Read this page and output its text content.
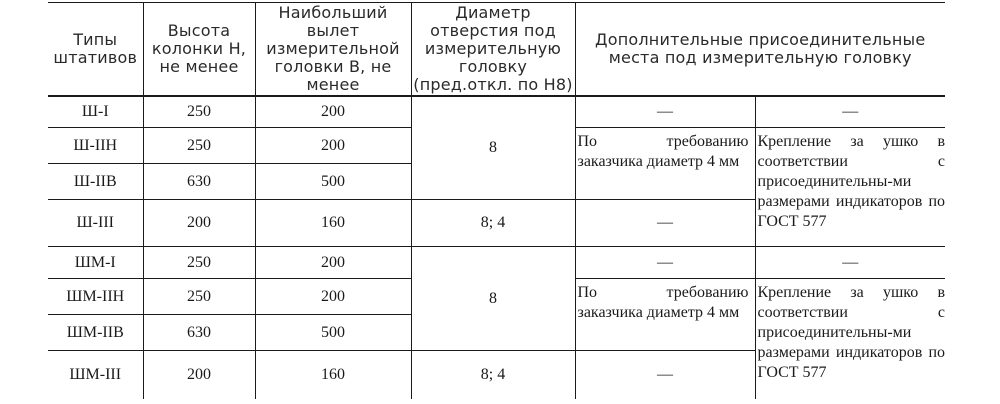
Типы штативов	Высота колонки H, не менее	Наибольший вылет измерительной головки B, не менее	Диаметр отверстия под измерительную головку (пред.откл. по H8)	Дополнительные присоединительные места под измерительную головку	
Ш-I	250	200	8	—	—
Ш-IIН	250	200		По требованию заказчика диаметр 4 мм	Крепление за ушко в соответствии с присоединительны-ми размерами индикаторов по ГОСТ 577
Ш-IIВ	630	500			
Ш-III	200	160	8; 4	—	
ШМ-I	250	200	8	—	—
ШМ-IIН	250	200		По требованию заказчика диаметр 4 мм	Крепление за ушко в соответствии с присоединительны-ми размерами индикаторов по ГОСТ 577
ШМ-IIВ	630	500			
ШМ-III	200	160	8; 4	—	
